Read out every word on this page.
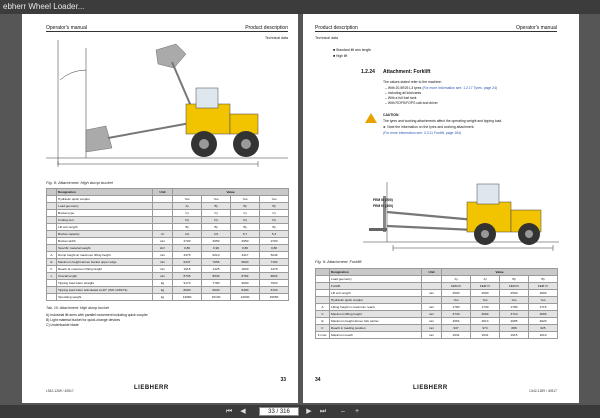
ebherr Wheel Loader...
Operator's manual	Product description
Technical data
Fig. 8: Attachment: High dump bucket
	Designation	Unit	Value			
	Hydraulic quick coupler		Yes	Yes	Yes	Yes
	Load geometry		A)	B)	B)	B)
	Bucket type		C)	C)	C)	C)
	Cutting tool		D)	D)	D)	D)
	Lift arm length		B)	B)	B)	B)
	Bucket capacity	m³	4,0	3,5	6,7	5,3
	Bucket width	mm	2700	2650	2950	2700
	Specific material weight	t/m³	0,80	0,90	0,80	0,80
A	Dump height at maximum lifting height	mm	4376	6210	4417	5246
E	Maximum height above bucket upper edge	mm	6437	7056	6820	7160
F	Reach at maximum lifting height	mm	1615	1425	1800	1478
L	Overall length	mm	8705	8535	8784	8662
	Tipping load when straight	kg	9170	7780	9600	7620
	Tipping load when articulated at 40° (ISO 14397/1)	kg	8090	6620	8480	6720
	Operating weight	kg	14960	15130	14930	15050
Tab. 10: Attachment: High dump bucket
A) Industrial lift arms with parallel movement including quick coupler
B) Light material bucket for quick-change devices
C) Underbuckle blade
33
L542-1269 / 40517	LIEBHERR
Product description	Operator's manual
Technical data
■ Standard lift arm length
■ High lift
1.2.24 Attachment: Forklift
The values stated refer to the machine:
– With 20,5R25 L3 tyres (For more information see: 1.2.17 Tyres, page 24)
– Including all lubricants
– With a full fuel tank
– With ROPS/FOPS cab and driver
CAUTION
The tyres and working attachments affect the operating weight and tipping load.
► Note the information on the tyres and working attachment.
(For more information see: 3.3.11 FordW, page 184)
FEM III (500)
FEM IV (600)
Fig. 9: Attachment: Forklift
	Designation	Unit	Value			
	Load geometry		A)	A)	B)	B)
	Forklift		FEM III	FEM IV	FEM III	FEM IV
	Lift arm length	mm	2500	2500	2500	2500
	Hydraulic quick coupler		Yes	Yes	Yes	Yes
A	Lifting height in maximum reach	mm	1780	1730	1780	1715
C	Maximum lifting height	mm	3740	3699	3710	3665
E	Maximum height above fork carrier	mm	4664	4613	4685	4620
F	Reach in loading position	mm	937	974	888	925
F max.	Maximum reach	mm	1631	1631	1615	1610
34
L542-1269 / 40517
LIEBHERR
⏮	◀	33 / 316	▶	⏭	–	+
